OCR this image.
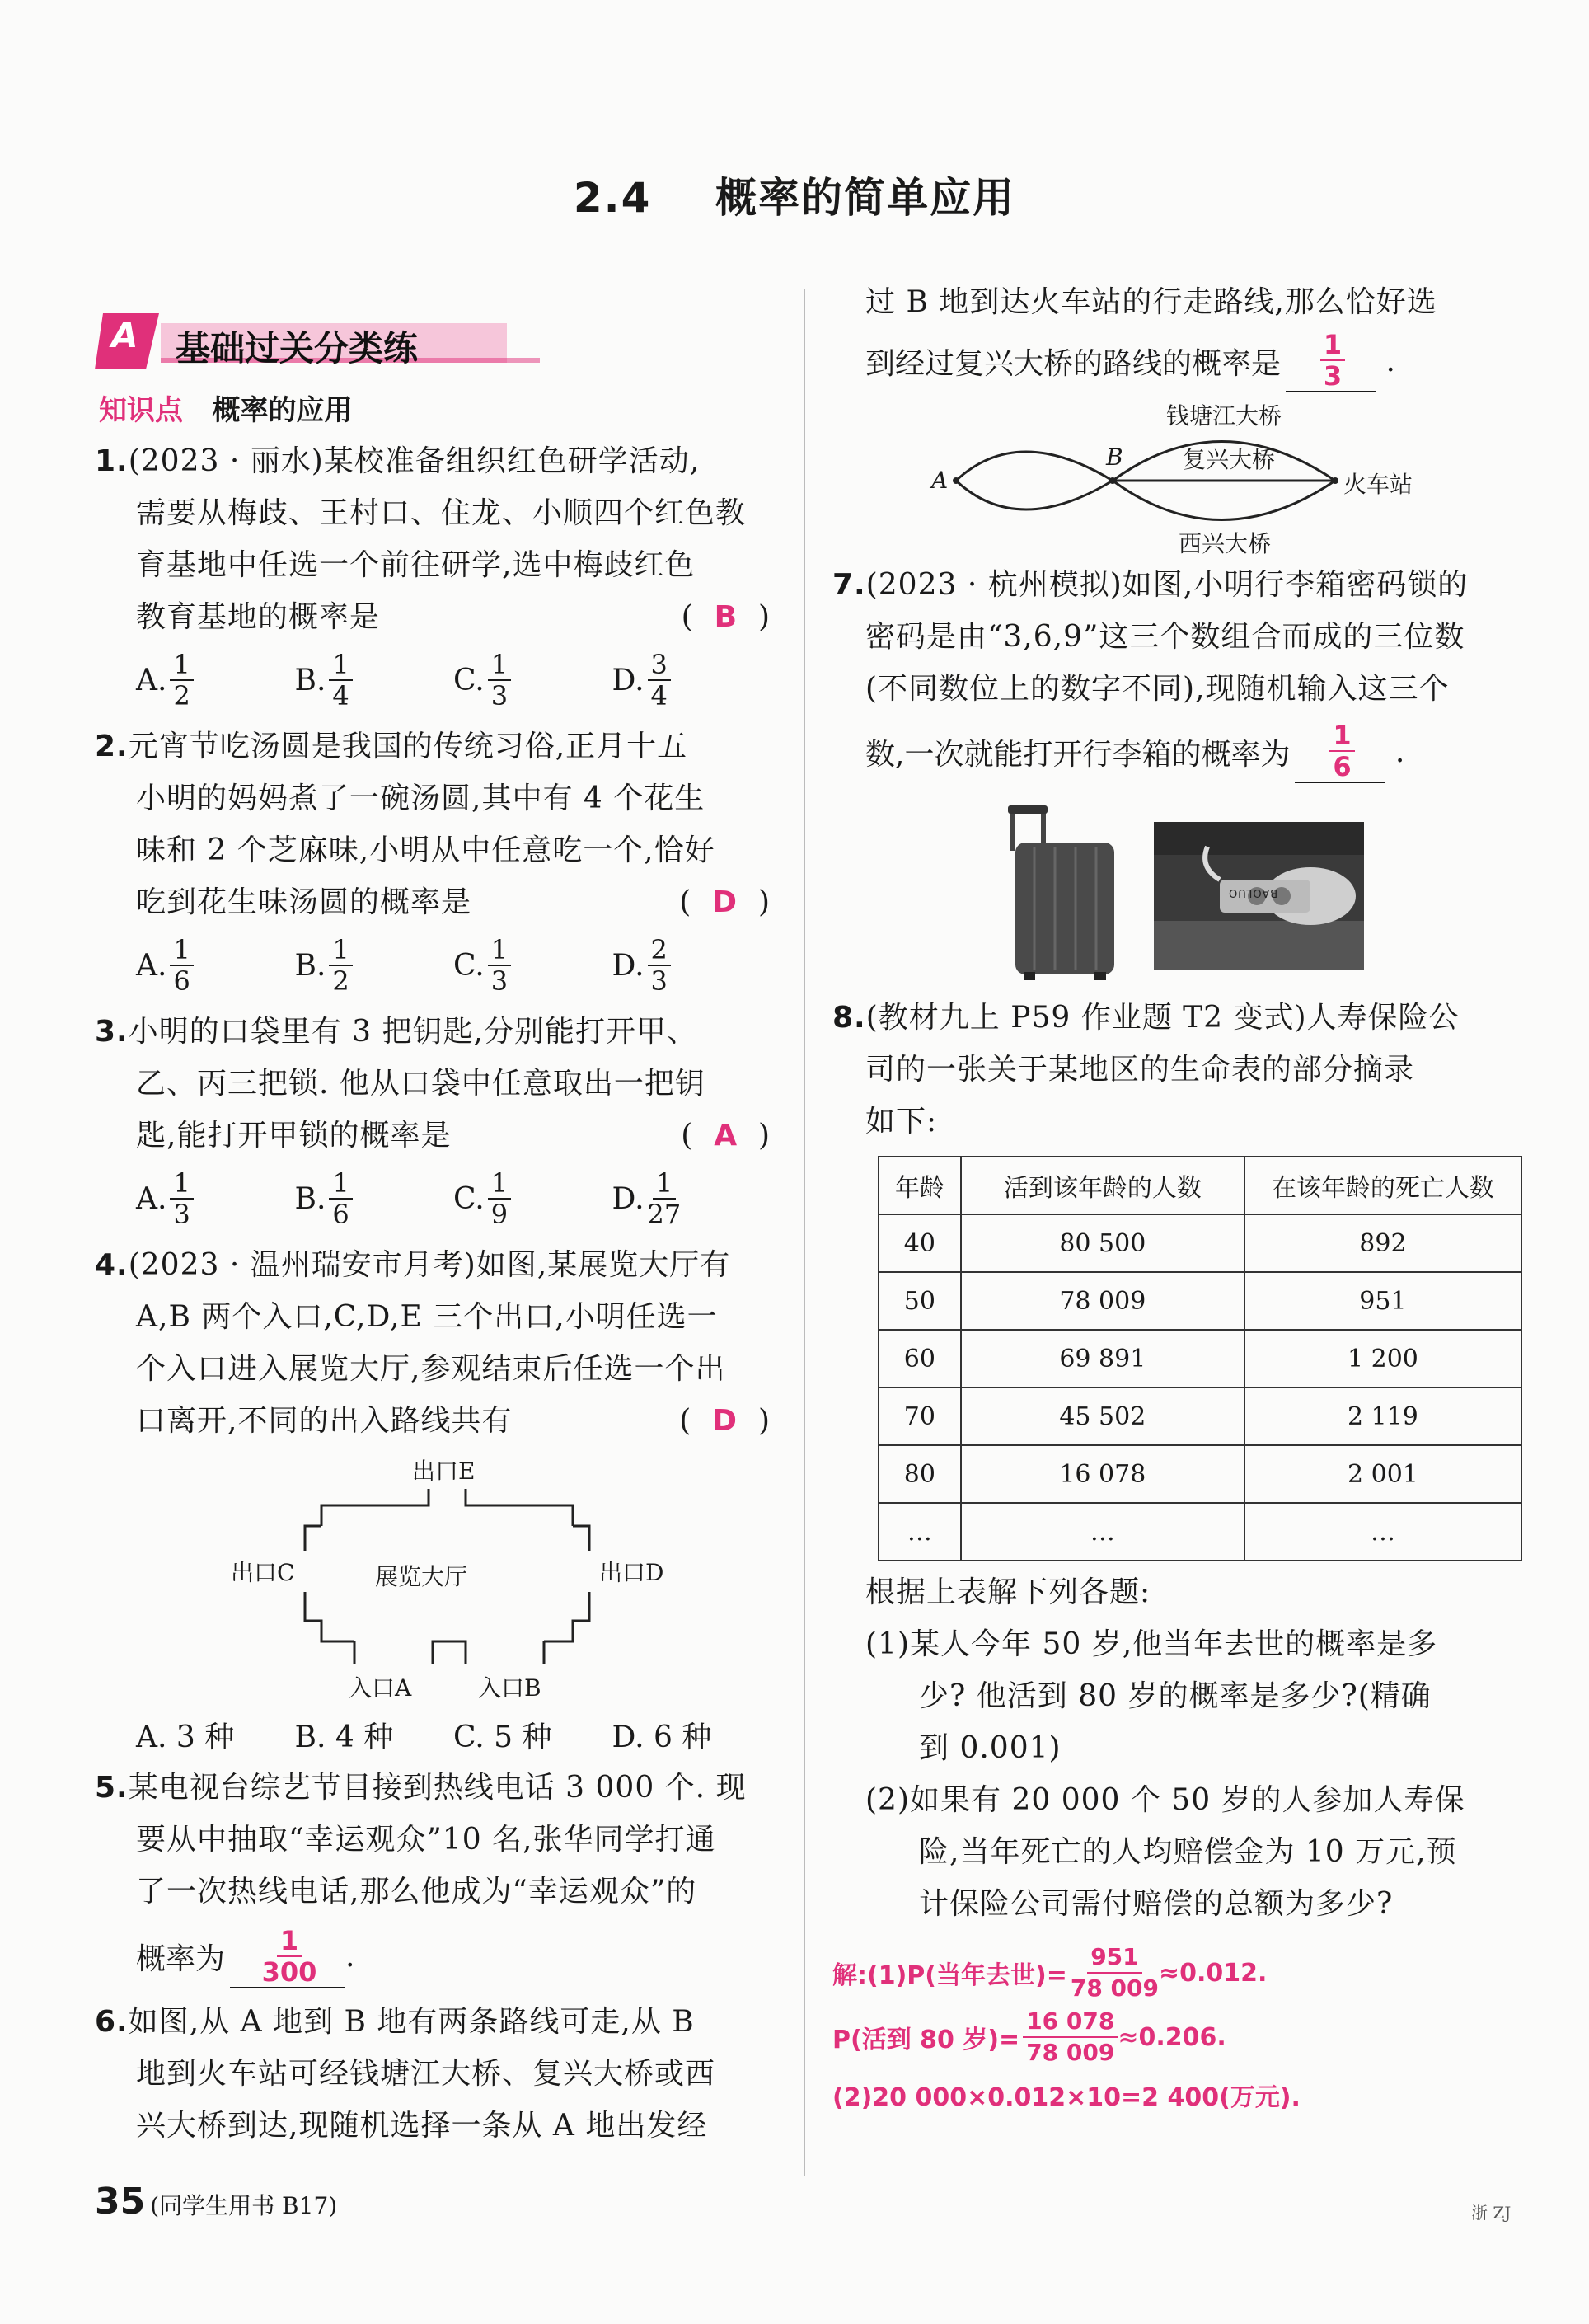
2.4 概率的简单应用
A 基础过关分类练
知识点 概率的应用
1.(2023 · 丽水)某校准备组织红色研学活动,
需要从梅歧、王村口、住龙、小顺四个红色教
育基地中任选一个前往研学,选中梅歧红色
教育基地的概率是	(  B  )
A. $\frac{1}{2}$	B. $\frac{1}{4}$	C. $\frac{1}{3}$	D. $\frac{3}{4}$
2.元宵节吃汤圆是我国的传统习俗,正月十五
小明的妈妈煮了一碗汤圆,其中有 4 个花生
味和 2 个芝麻味,小明从中任意吃一个,恰好
吃到花生味汤圆的概率是	(  D  )
A. $\frac{1}{6}$	B. $\frac{1}{2}$	C. $\frac{1}{3}$	D. $\frac{2}{3}$
3.小明的口袋里有 3 把钥匙,分别能打开甲、
乙、丙三把锁. 他从口袋中任意取出一把钥
匙,能打开甲锁的概率是	(  A  )
A. $\frac{1}{3}$	B. $\frac{1}{6}$	C. $\frac{1}{9}$	D. $\frac{1}{27}$
4.(2023 · 温州瑞安市月考)如图,某展览大厅有
A,B 两个入口,C,D,E 三个出口,小明任选一
个入口进入展览大厅,参观结束后任选一个出
口离开,不同的出入路线共有	(  D  )
出口E
出口C	出口D
展览大厅
入口A	入口B
A. 3 种	B. 4 种	C. 5 种	D. 6 种
5.某电视台综艺节目接到热线电话 3 000 个. 现
要从中抽取“幸运观众”10 名,张华同学打通
了一次热线电话,那么他成为“幸运观众”的
概率为 $\frac{1}{300}$ .
6.如图,从 A 地到 B 地有两条路线可走,从 B
地到火车站可经钱塘江大桥、复兴大桥或西
兴大桥到达,现随机选择一条从 A 地出发经
过 B 地到达火车站的行走路线,那么恰好选
到经过复兴大桥的路线的概率是 $\frac{1}{3}$ .
A
B
钱塘江大桥
复兴大桥
西兴大桥
火车站
7.(2023 · 杭州模拟)如图,小明行李箱密码锁的
密码是由“3,6,9”这三个数组合而成的三位数
(不同数位上的数字不同),现随机输入这三个
数,一次就能打开行李箱的概率为 $\frac{1}{6}$ .
BAOLUO
8.(教材九上 P59 作业题 T2 变式)人寿保险公
司的一张关于某地区的生命表的部分摘录
如下:
年龄	活到该年龄的人数	在该年龄的死亡人数
40	80 500	892
50	78 009	951
60	69 891	1 200
70	45 502	2 119
80	16 078	2 001
…	…	…
根据上表解下列各题:
(1)某人今年 50 岁,他当年去世的概率是多
少? 他活到 80 岁的概率是多少?(精确
到 0.001)
(2)如果有 20 000 个 50 岁的人参加人寿保
险,当年死亡的人均赔偿金为 10 万元,预
计保险公司需付赔偿的总额为多少?
解:(1)P(当年去世)= $\frac{951}{78 009} \approx 0.012$.
P(活到 80 岁)= $\frac{16 078}{78 009} \approx 0.206$.
(2)20 000×0.012×10=2 400(万元).
35 (同学生用书 B17)	浙 ZJ
